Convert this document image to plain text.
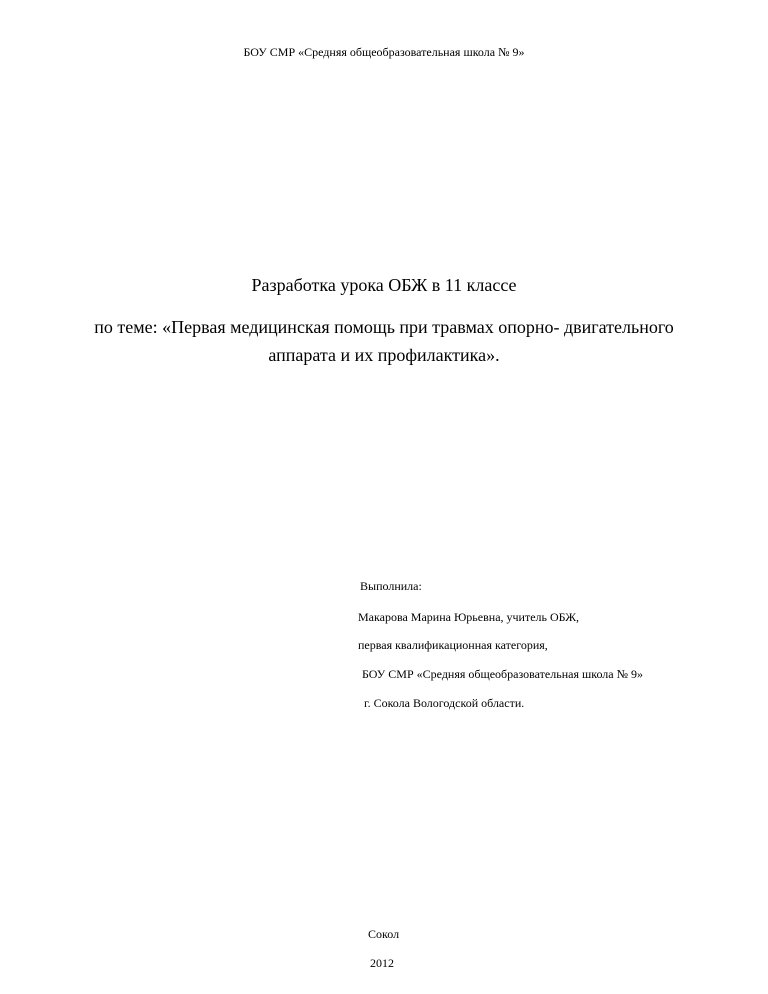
БОУ СМР «Средняя общеобразовательная школа № 9»
Разработка урока ОБЖ в 11 классе
по теме: «Первая медицинская помощь при травмах опорно- двигательного
аппарата и их профилактика».
Выполнила:
Макарова Марина Юрьевна, учитель ОБЖ,
первая квалификационная категория,
БОУ СМР «Средняя общеобразовательная школа № 9»
г. Сокола Вологодской области.
Сокол
2012
